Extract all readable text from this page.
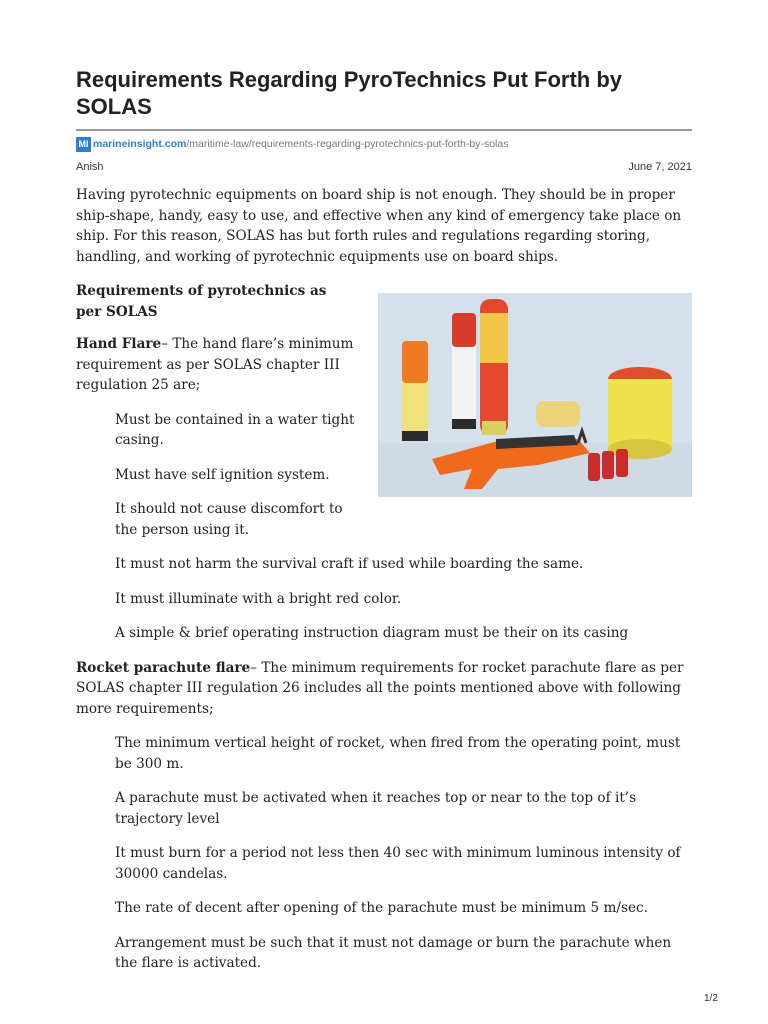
Requirements Regarding PyroTechnics Put Forth by SOLAS
MI marineinsight.com /maritime-law/requirements-regarding-pyrotechnics-put-forth-by-solas
Anish	June 7, 2021

Having pyrotechnic equipments on board ship is not enough. They should be in proper ship-shape, handy, easy to use, and effective when any kind of emergency take place on ship. For this reason, SOLAS has but forth rules and regulations regarding storing, handling, and working of pyrotechnic equipments use on board ships.

Requirements of pyrotechnics as per SOLAS

Hand Flare– The hand flare’s minimum requirement as per SOLAS chapter III regulation 25 are;

Must be contained in a water tight casing.

Must have self ignition system.

It should not cause discomfort to the person using it.

It must not harm the survival craft if used while boarding the same.

It must illuminate with a bright red color.

A simple & brief operating instruction diagram must be their on its casing

Rocket parachute flare– The minimum requirements for rocket parachute flare as per SOLAS chapter III regulation 26 includes all the points mentioned above with following more requirements;

The minimum vertical height of rocket, when fired from the operating point, must be 300 m.

A parachute must be activated when it reaches top or near to the top of it’s trajectory level

It must burn for a period not less then 40 sec with minimum luminous intensity of 30000 candelas.

The rate of decent after opening of the parachute must be minimum 5 m/sec.

Arrangement must be such that it must not damage or burn the parachute when the flare is activated.

1/2
